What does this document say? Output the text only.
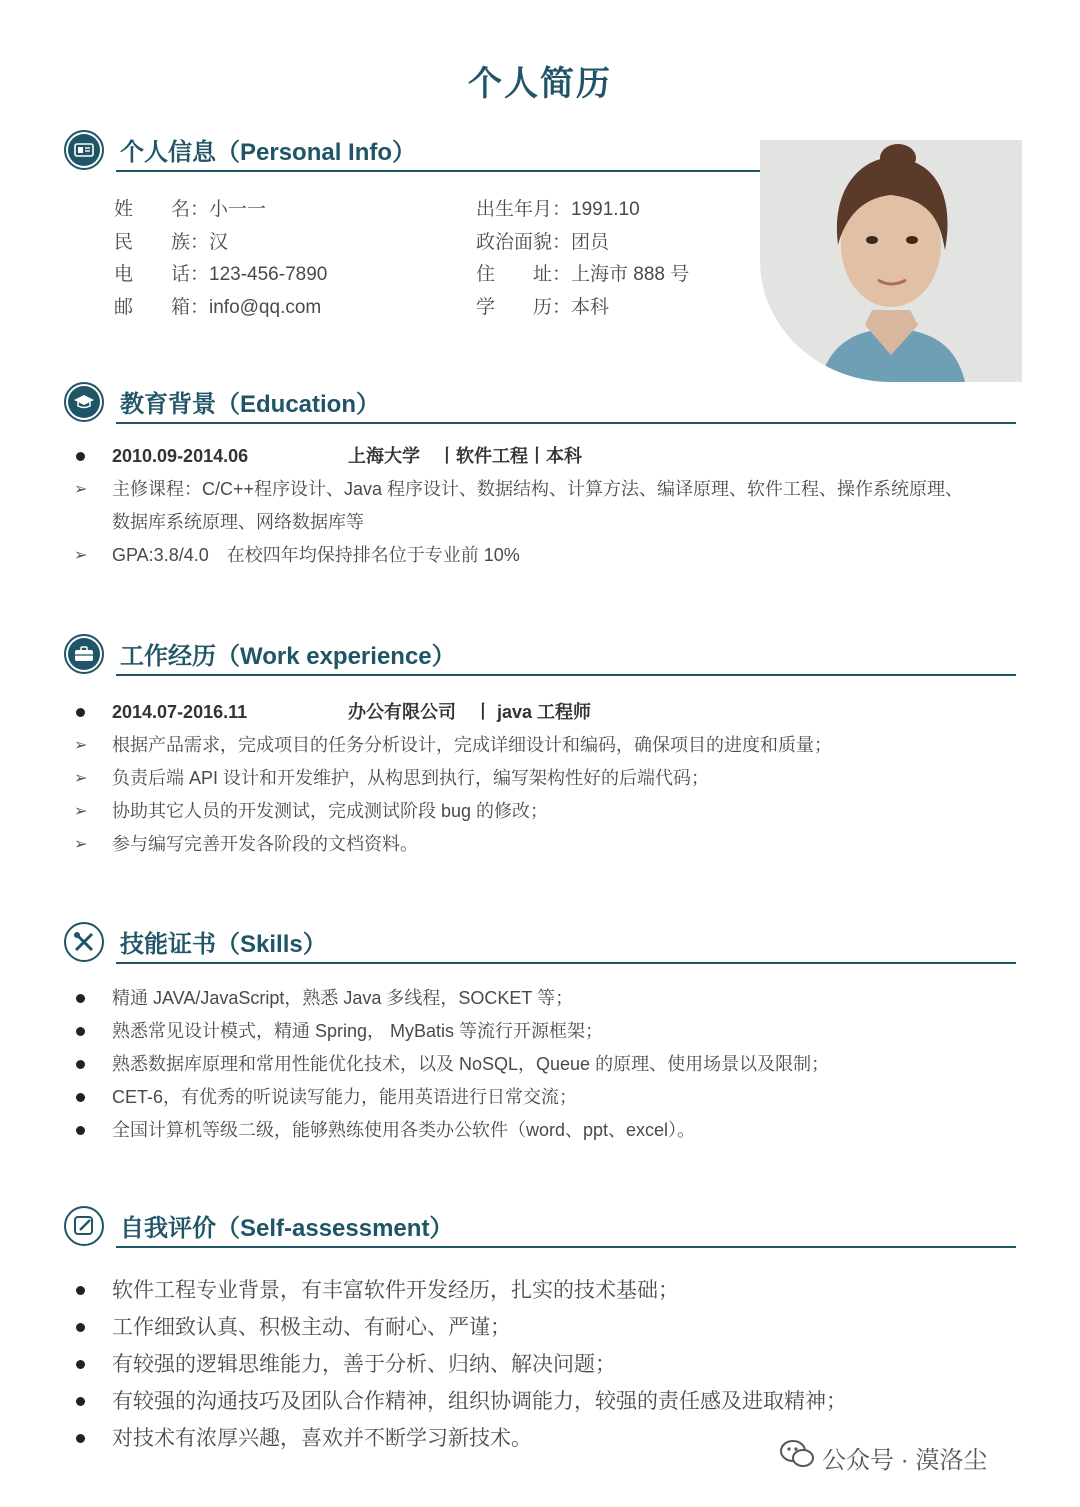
个人简历
个人信息（Personal Info）
姓　　名：小一一
民　　族：汉
电　　话：123-456-7890
邮　　箱：info@qq.com
出生年月：1991.10
政治面貌：团员
住　　址：上海市 888 号
学　　历：本科
教育背景（Education）
2010.09-2014.06	上海大学　丨软件工程丨本科
➢ 主修课程：C/C++程序设计、Java 程序设计、数据结构、计算方法、编译原理、软件工程、操作系统原理、
数据库系统原理、网络数据库等
➢ GPA:3.8/4.0　在校四年均保持排名位于专业前 10%
工作经历（Work experience）
2014.07-2016.11	办公有限公司　丨 java 工程师
➢ 根据产品需求，完成项目的任务分析设计，完成详细设计和编码，确保项目的进度和质量；
➢ 负责后端 API 设计和开发维护，从构思到执行，编写架构性好的后端代码；
➢ 协助其它人员的开发测试，完成测试阶段 bug 的修改；
➢ 参与编写完善开发各阶段的文档资料。
技能证书（Skills）
精通 JAVA/JavaScript，熟悉 Java 多线程，SOCKET 等；
熟悉常见设计模式，精通 Spring， MyBatis 等流行开源框架；
熟悉数据库原理和常用性能优化技术，以及 NoSQL，Queue 的原理、使用场景以及限制；
CET-6，有优秀的听说读写能力，能用英语进行日常交流；
全国计算机等级二级，能够熟练使用各类办公软件（word、ppt、excel）。
自我评价（Self-assessment）
软件工程专业背景，有丰富软件开发经历，扎实的技术基础；
工作细致认真、积极主动、有耐心、严谨；
有较强的逻辑思维能力，善于分析、归纳、解决问题；
有较强的沟通技巧及团队合作精神，组织协调能力，较强的责任感及进取精神；
对技术有浓厚兴趣，喜欢并不断学习新技术。
公众号 · 漠洛尘
